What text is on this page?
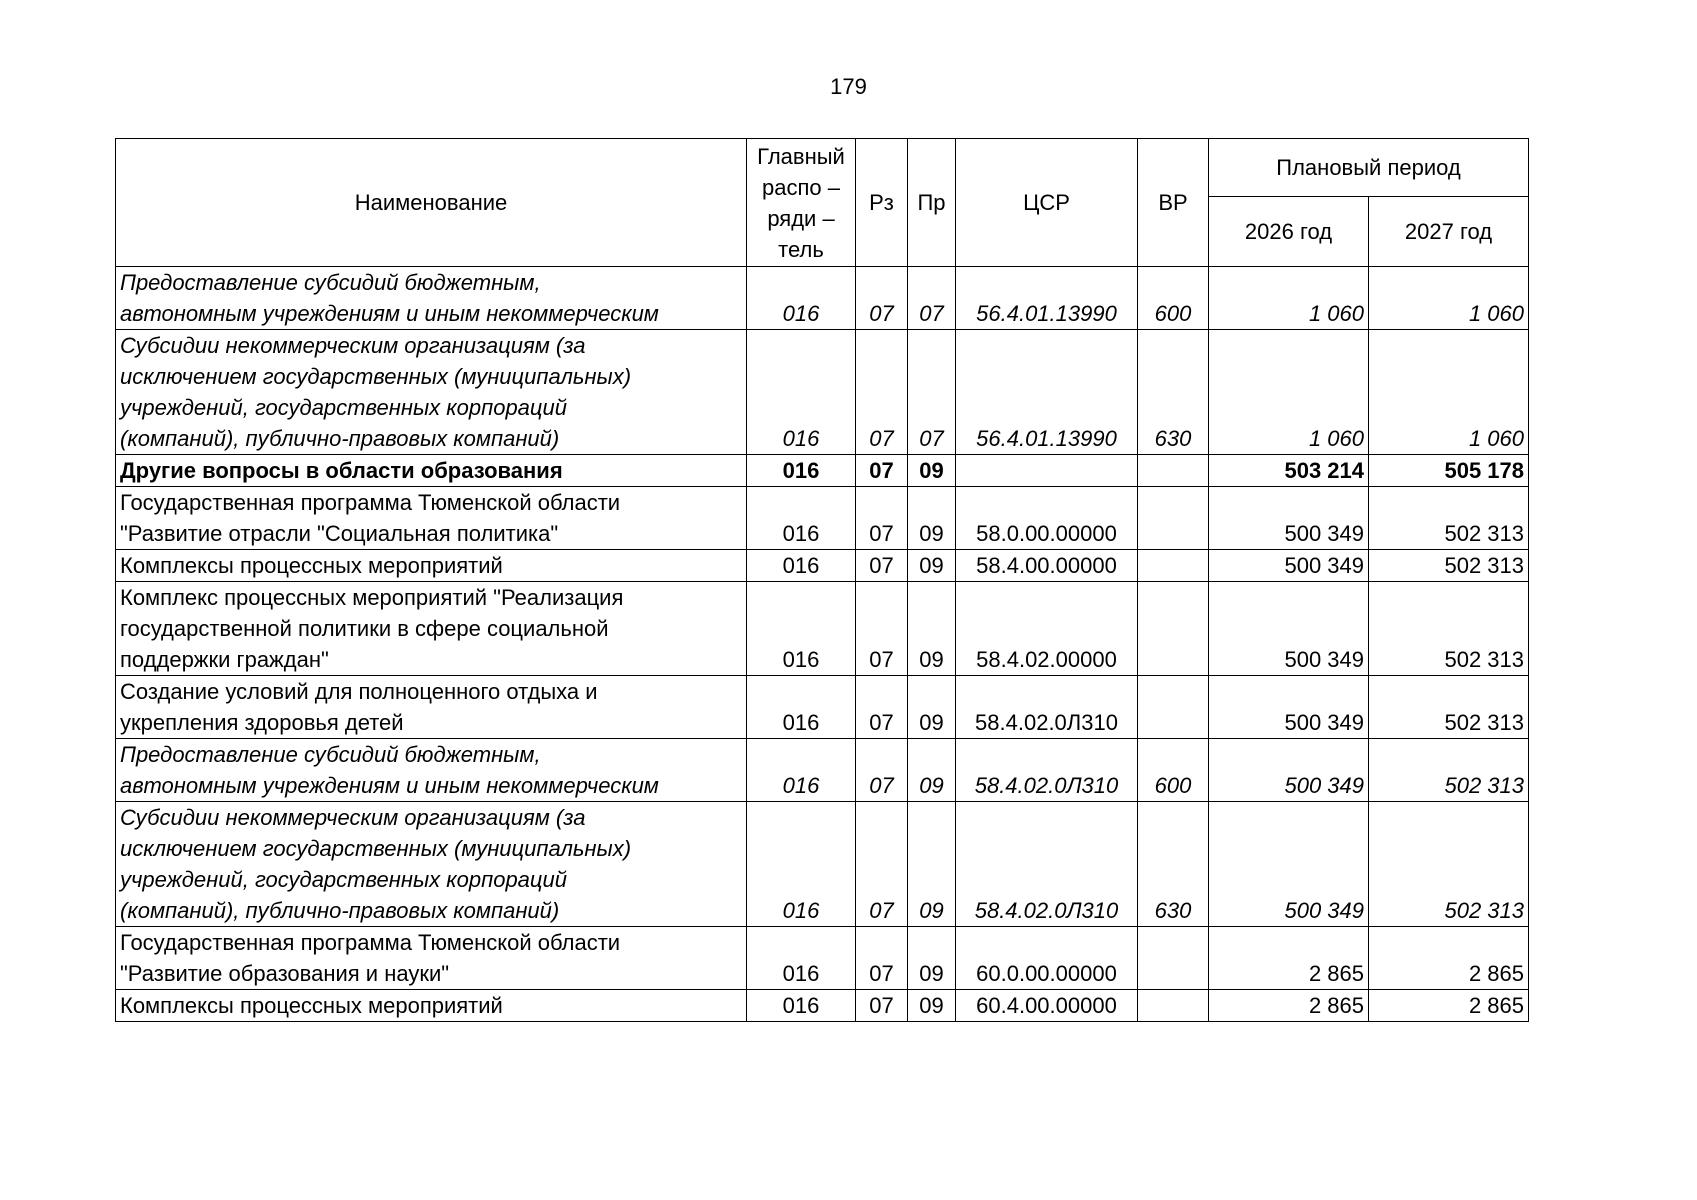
179
Наименование	Главный распо – ряди – тель	Рз	Пр	ЦСР	ВР	Плановый период	
						2026 год	2027 год
Предоставление субсидий бюджетным,
автономным учреждениям и иным некоммерческим	016	07	07	56.4.01.13990	600	1 060	1 060
Субсидии некоммерческим организациям (за
исключением государственных (муниципальных)
учреждений, государственных корпораций
(компаний), публично-правовых компаний)	016	07	07	56.4.01.13990	630	1 060	1 060
Другие вопросы в области образования	016	07	09			503 214	505 178
Государственная программа Тюменской области
"Развитие отрасли "Социальная политика"	016	07	09	58.0.00.00000		500 349	502 313
Комплексы процессных мероприятий	016	07	09	58.4.00.00000		500 349	502 313
Комплекс процессных мероприятий "Реализация
государственной политики в сфере социальной
поддержки граждан"	016	07	09	58.4.02.00000		500 349	502 313
Создание условий для полноценного отдыха и
укрепления здоровья детей	016	07	09	58.4.02.0Л310		500 349	502 313
Предоставление субсидий бюджетным,
автономным учреждениям и иным некоммерческим	016	07	09	58.4.02.0Л310	600	500 349	502 313
Субсидии некоммерческим организациям (за
исключением государственных (муниципальных)
учреждений, государственных корпораций
(компаний), публично-правовых компаний)	016	07	09	58.4.02.0Л310	630	500 349	502 313
Государственная программа Тюменской области
"Развитие образования и науки"	016	07	09	60.0.00.00000		2 865	2 865
Комплексы процессных мероприятий	016	07	09	60.4.00.00000		2 865	2 865
